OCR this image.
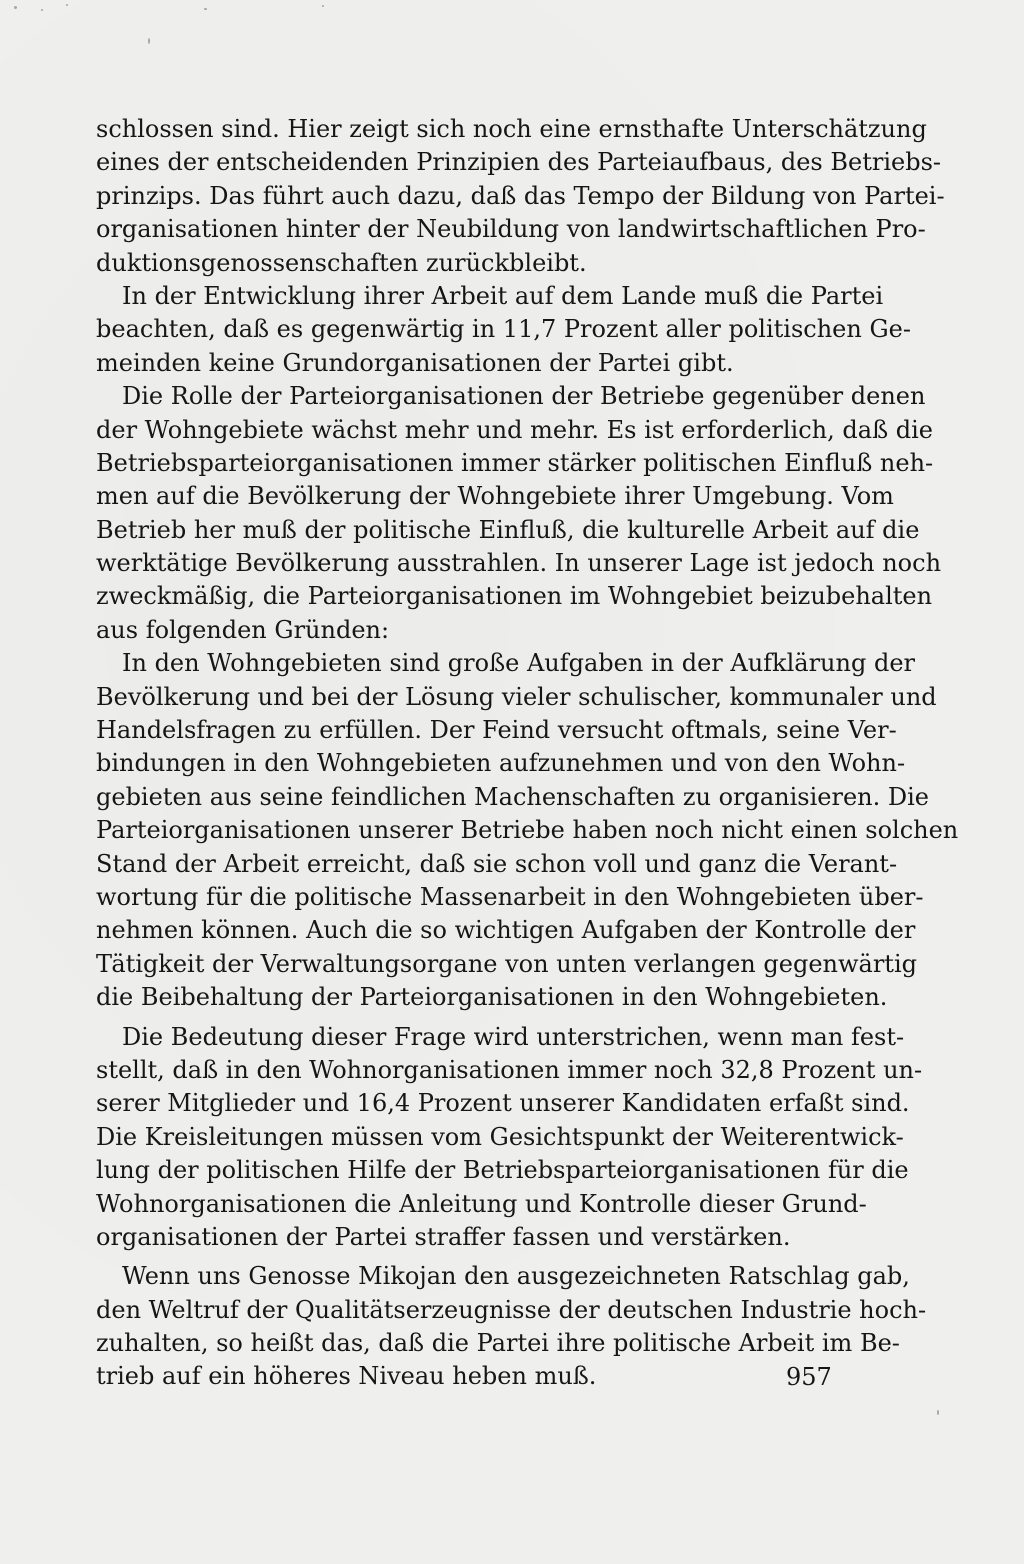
schlossen sind. Hier zeigt sich noch eine ernsthafte Unterschätzung
eines der entscheidenden Prinzipien des Parteiaufbaus, des Betriebs-
prinzips. Das führt auch dazu, daß das Tempo der Bildung von Partei-
organisationen hinter der Neubildung von landwirtschaftlichen Pro-
duktionsgenossenschaften zurückbleibt.
In der Entwicklung ihrer Arbeit auf dem Lande muß die Partei
beachten, daß es gegenwärtig in 11,7 Prozent aller politischen Ge-
meinden keine Grundorganisationen der Partei gibt.
Die Rolle der Parteiorganisationen der Betriebe gegenüber denen
der Wohngebiete wächst mehr und mehr. Es ist erforderlich, daß die
Betriebsparteiorganisationen immer stärker politischen Einfluß neh-
men auf die Bevölkerung der Wohngebiete ihrer Umgebung. Vom
Betrieb her muß der politische Einfluß, die kulturelle Arbeit auf die
werktätige Bevölkerung ausstrahlen. In unserer Lage ist jedoch noch
zweckmäßig, die Parteiorganisationen im Wohngebiet beizubehalten
aus folgenden Gründen:
In den Wohngebieten sind große Aufgaben in der Aufklärung der
Bevölkerung und bei der Lösung vieler schulischer, kommunaler und
Handelsfragen zu erfüllen. Der Feind versucht oftmals, seine Ver-
bindungen in den Wohngebieten aufzunehmen und von den Wohn-
gebieten aus seine feindlichen Machenschaften zu organisieren. Die
Parteiorganisationen unserer Betriebe haben noch nicht einen solchen
Stand der Arbeit erreicht, daß sie schon voll und ganz die Verant-
wortung für die politische Massenarbeit in den Wohngebieten über-
nehmen können. Auch die so wichtigen Aufgaben der Kontrolle der
Tätigkeit der Verwaltungsorgane von unten verlangen gegenwärtig
die Beibehaltung der Parteiorganisationen in den Wohngebieten.
Die Bedeutung dieser Frage wird unterstrichen, wenn man fest-
stellt, daß in den Wohnorganisationen immer noch 32,8 Prozent un-
serer Mitglieder und 16,4 Prozent unserer Kandidaten erfaßt sind.
Die Kreisleitungen müssen vom Gesichtspunkt der Weiterentwick-
lung der politischen Hilfe der Betriebsparteiorganisationen für die
Wohnorganisationen die Anleitung und Kontrolle dieser Grund-
organisationen der Partei straffer fassen und verstärken.
Wenn uns Genosse Mikojan den ausgezeichneten Ratschlag gab,
den Weltruf der Qualitätserzeugnisse der deutschen Industrie hoch-
zuhalten, so heißt das, daß die Partei ihre politische Arbeit im Be-
trieb auf ein höheres Niveau heben muß.	957
